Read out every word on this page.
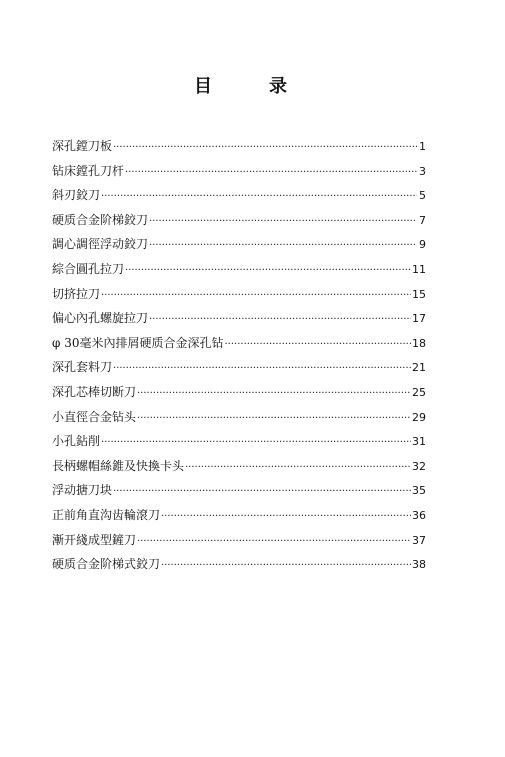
目	录
深孔鏜刀板 ·····	1
钻床鏜孔刀杆 ·····	3
斜刃鉸刀 ·····	5
硬质合金阶梯鉸刀 ·····	7
調心調徑浮动鉸刀 ·····	9
綜合圓孔拉刀 ·····	11
切挤拉刀 ·····	15
偏心內孔螺旋拉刀 ·····	17
φ 30毫米內排屑硬质合金深孔钻 ·····	18
深孔套料刀 ·····	21
深孔芯棒切断刀 ·····	25
小直徑合金钻头 ·····	29
小孔鉆削 ·····	31
長柄螺帽絲錐及快換卡头 ·····	32
浮动搪刀块 ·····	35
正前角直沟齿輪滾刀 ·····	36
漸开綫成型鏟刀 ·····	37
硬质合金阶梯式鉸刀 ·····	38
